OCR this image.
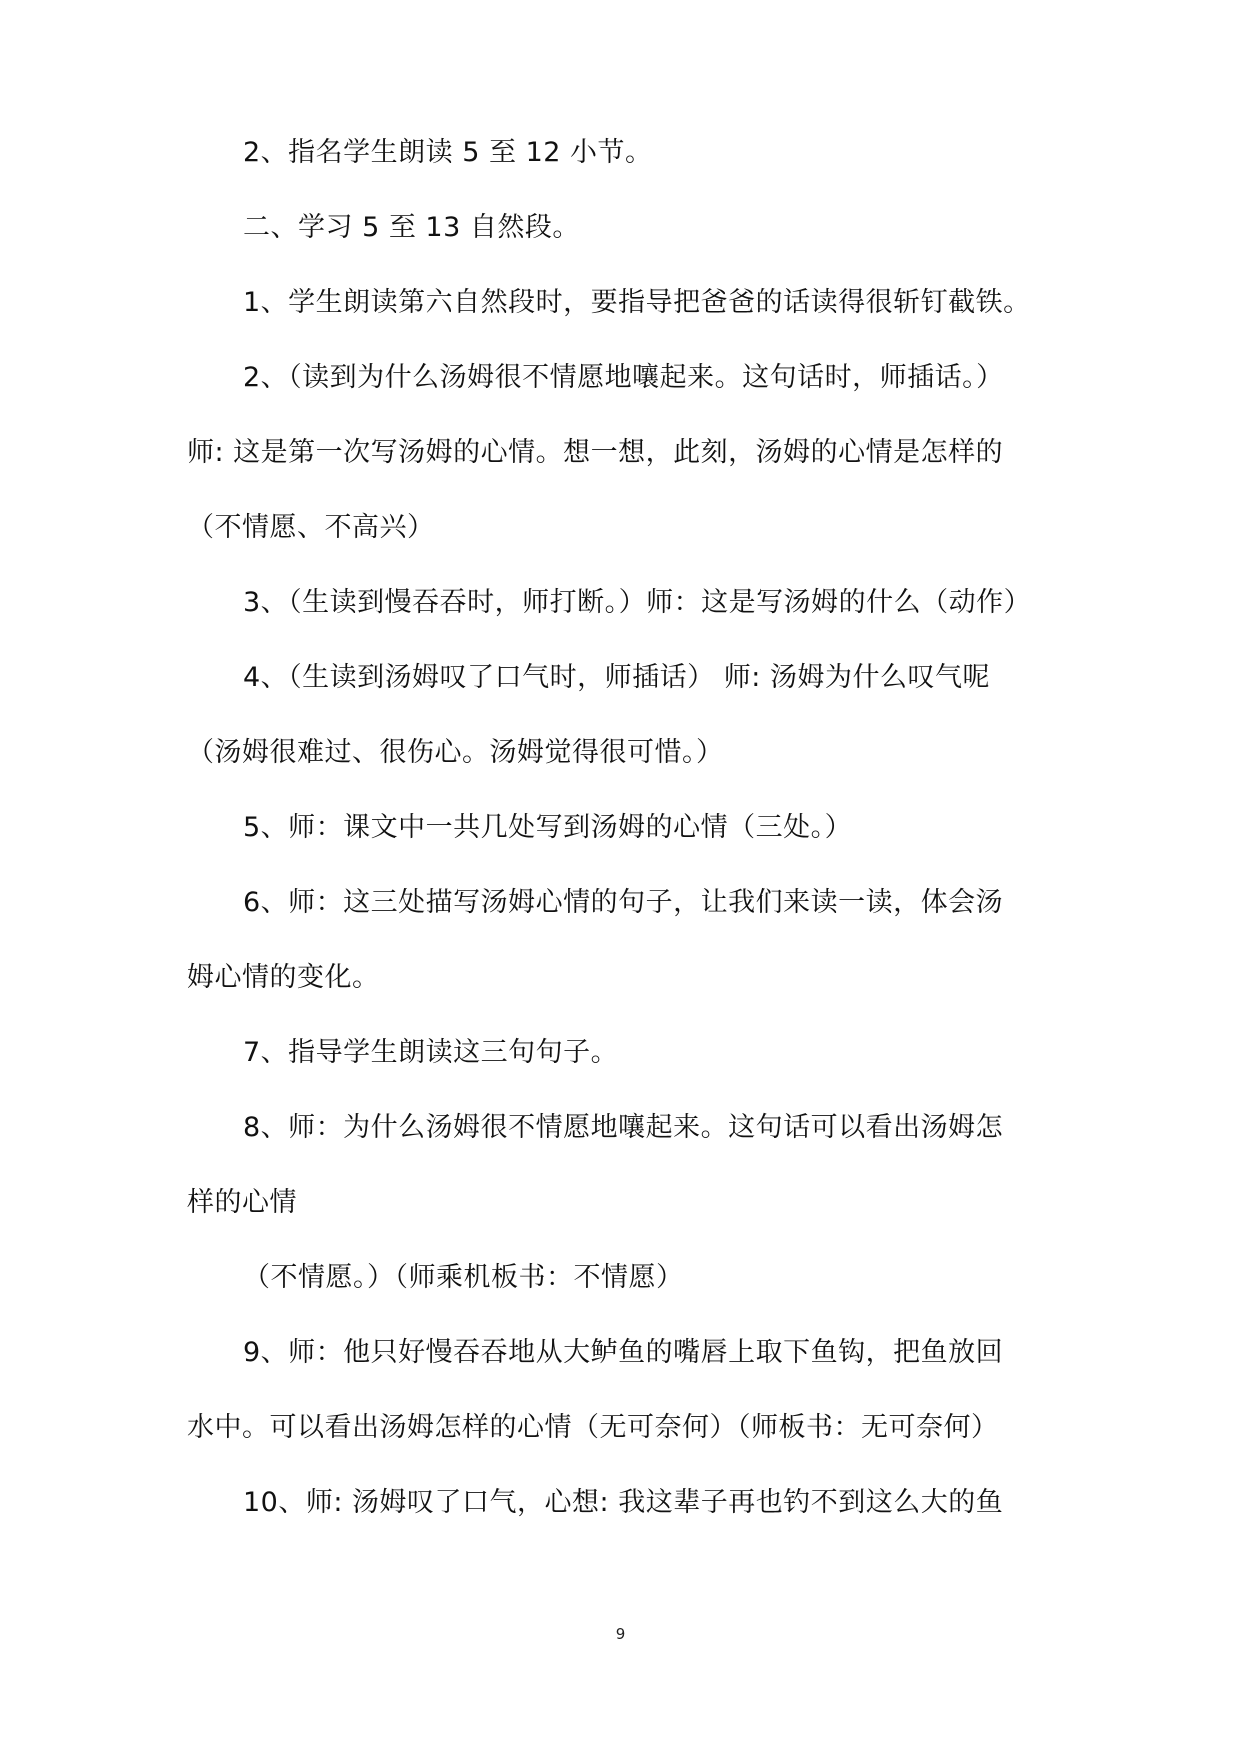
2、指名学生朗读 5 至 12 小节。
二、学习 5 至 13 自然段。
1、学生朗读第六自然段时，要指导把爸爸的话读得很斩钉截铁。
2、（读到为什么汤姆很不情愿地嚷起来。这句话时，师插话。）
师: 这是第一次写汤姆的心情。想一想，此刻，汤姆的心情是怎样的
（不情愿、不高兴）
3、（生读到慢吞吞时，师打断。）师：这是写汤姆的什么（动作）
4、（生读到汤姆叹了口气时，师插话） 师: 汤姆为什么叹气呢
（汤姆很难过、很伤心。汤姆觉得很可惜。）
5、师：课文中一共几处写到汤姆的心情（三处。）
6、师：这三处描写汤姆心情的句子，让我们来读一读，体会汤
姆心情的变化。
7、指导学生朗读这三句句子。
8、师：为什么汤姆很不情愿地嚷起来。这句话可以看出汤姆怎
样的心情
（不情愿。）（师乘机板书：不情愿）
9、师：他只好慢吞吞地从大鲈鱼的嘴唇上取下鱼钩，把鱼放回
水中。可以看出汤姆怎样的心情（无可奈何）（师板书：无可奈何）
10、师: 汤姆叹了口气，心想: 我这辈子再也钓不到这么大的鱼
9
